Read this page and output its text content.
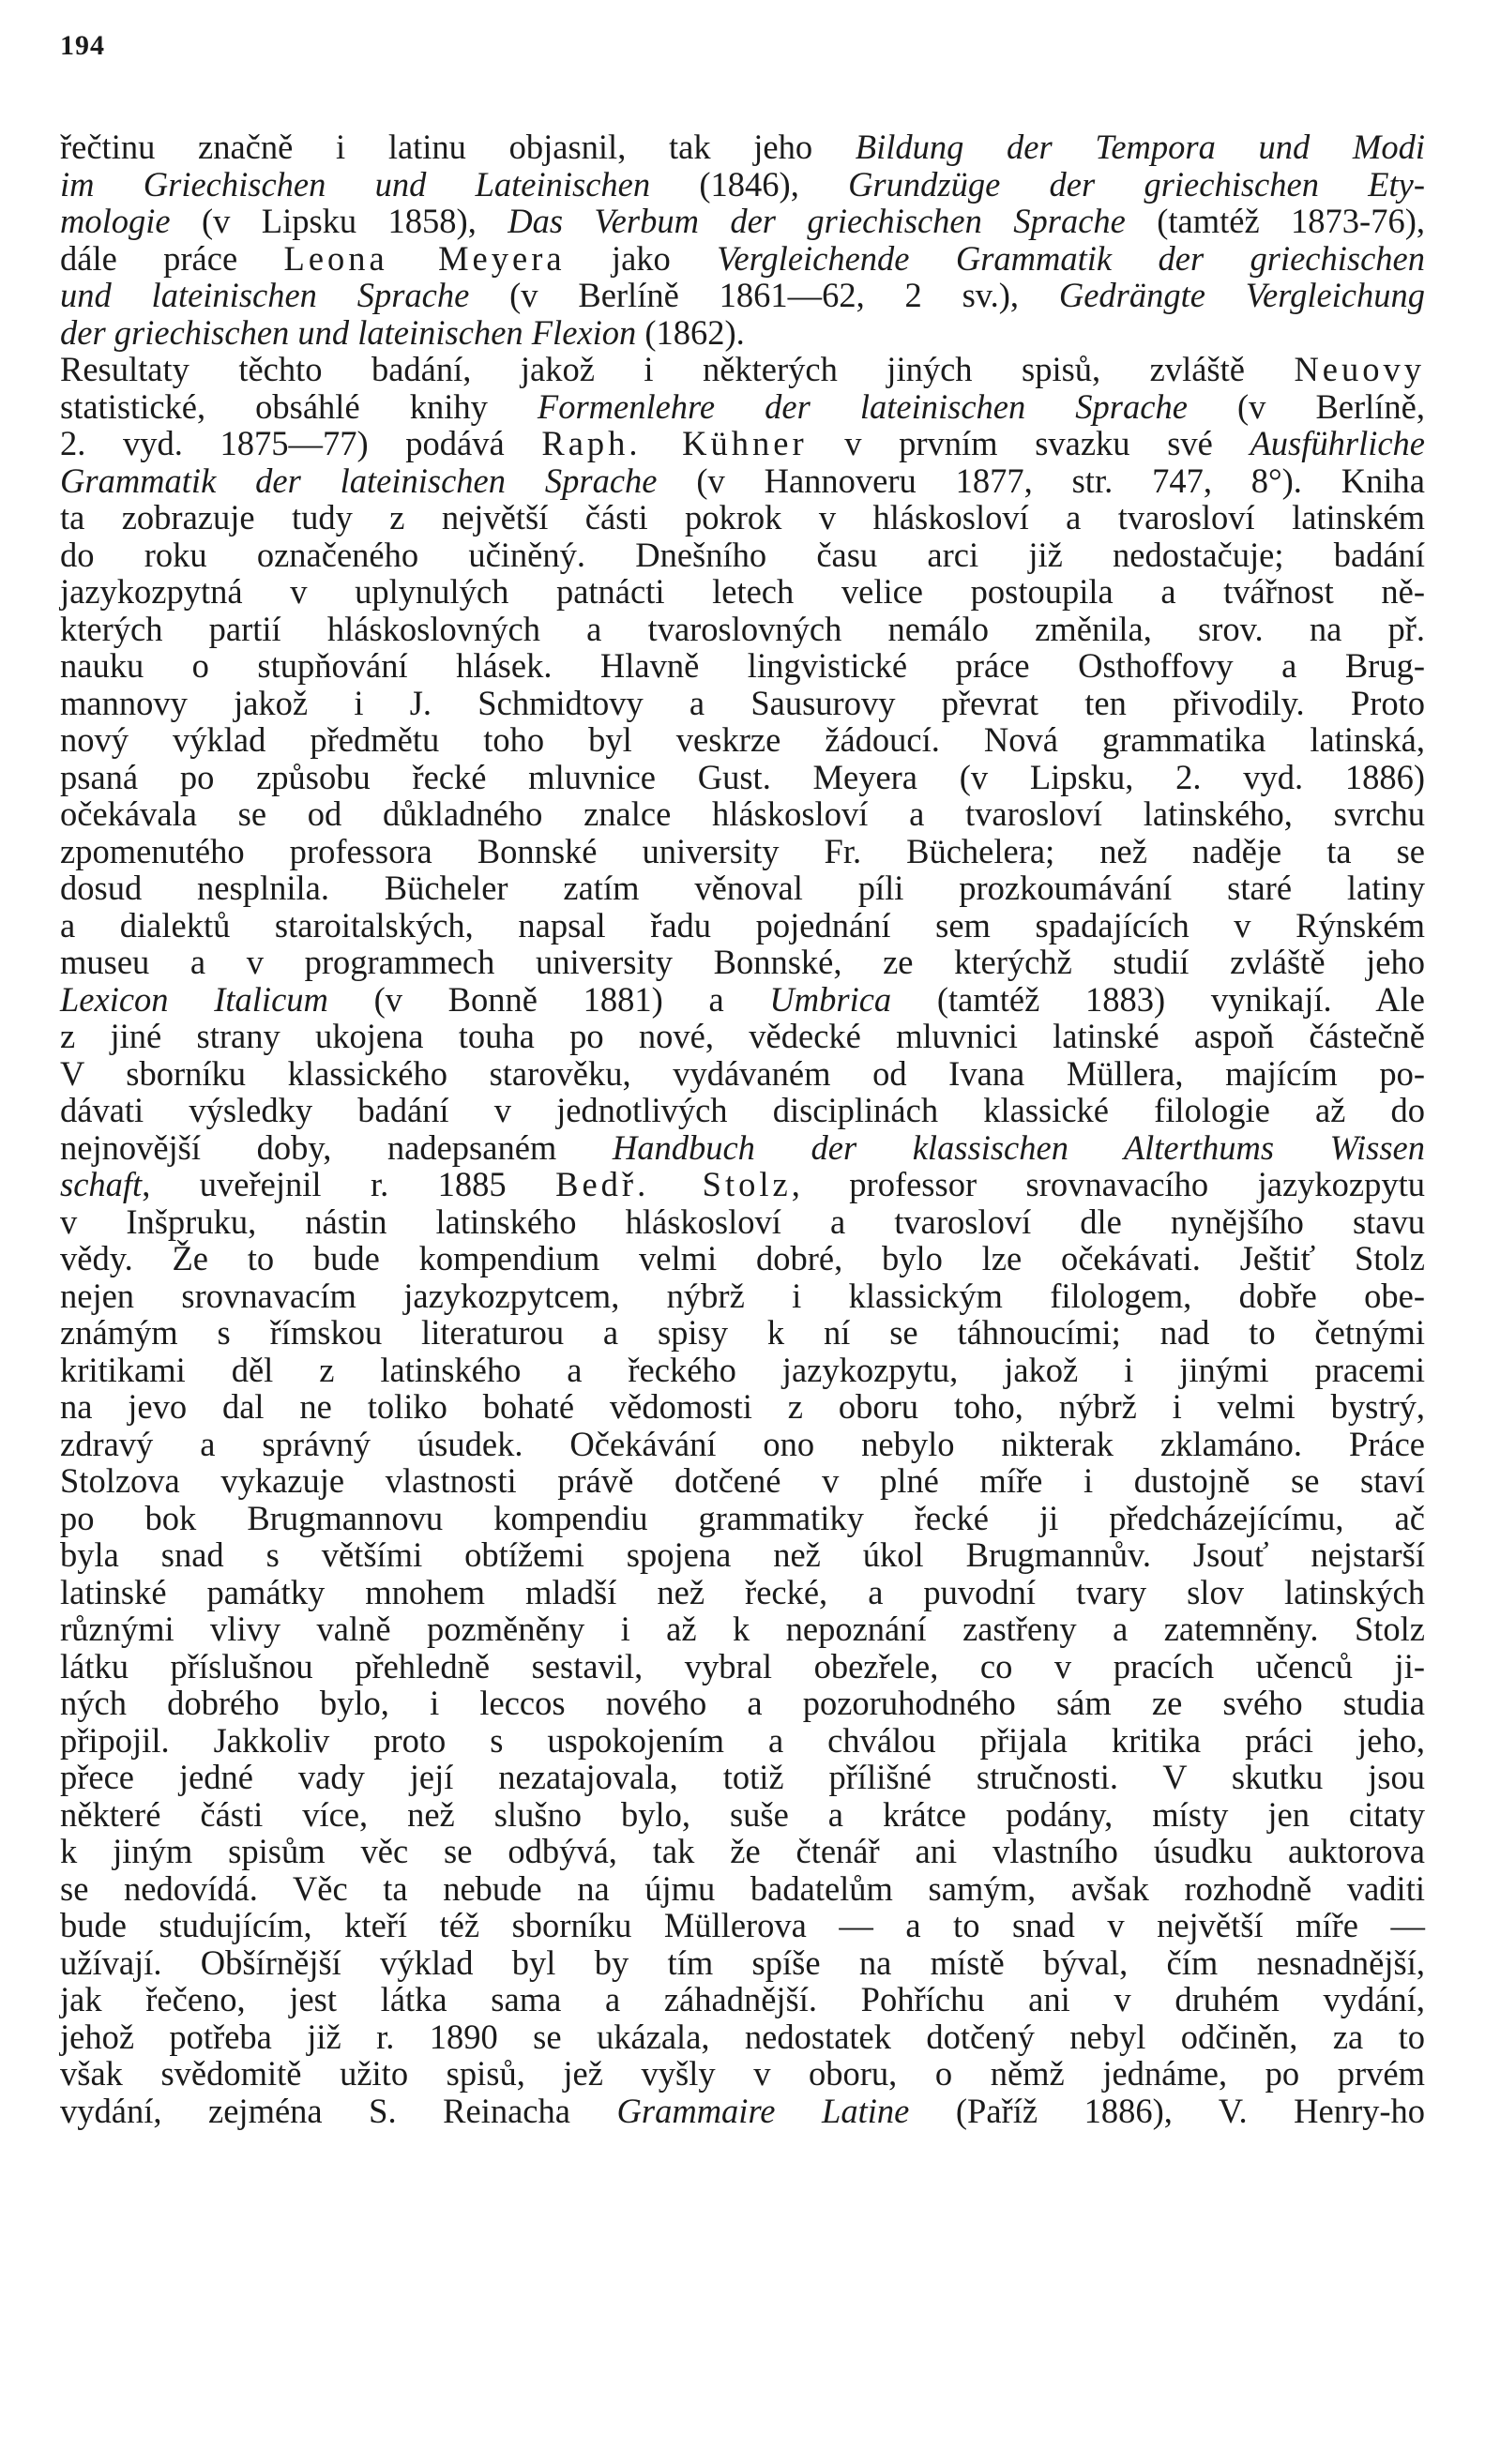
194
řečtinu značně i latinu objasnil, tak jeho Bildung der Tempora und Modi
im Griechischen und Lateinischen (1846), Grundzüge der griechischen Ety-
mologie (v Lipsku 1858), Das Verbum der griechischen Sprache (tamtéž 1873-76),
dále práce Leona Meyera jako Vergleichende Grammatik der griechischen
und lateinischen Sprache (v Berlíně 1861—62, 2 sv.), Gedrängte Vergleichung
der griechischen und lateinischen Flexion (1862).
Resultaty těchto badání, jakož i některých jiných spisů, zvláště Neuovy
statistické, obsáhlé knihy Formenlehre der lateinischen Sprache (v Berlíně,
2. vyd. 1875—77) podává Raph. Kühner v prvním svazku své Ausführliche
Grammatik der lateinischen Sprache (v Hannoveru 1877, str. 747, 8°). Kniha
ta zobrazuje tudy z největší části pokrok v hláskosloví a tvarosloví latinském
do roku označeného učiněný. Dnešního času arci již nedostačuje; badání
jazykozpytná v uplynulých patnácti letech velice postoupila a tvářnost ně-
kterých partií hláskoslovných a tvaroslovných nemálo změnila, srov. na př.
nauku o stupňování hlásek. Hlavně lingvistické práce Osthoffovy a Brug-
mannovy jakož i J. Schmidtovy a Sausurovy převrat ten přivodily. Proto
nový výklad předmětu toho byl veskrze žádoucí. Nová grammatika latinská,
psaná po způsobu řecké mluvnice Gust. Meyera (v Lipsku, 2. vyd. 1886)
očekávala se od důkladného znalce hláskosloví a tvarosloví latinského, svrchu
zpomenutého professora Bonnské university Fr. Büchelera; než naděje ta se
dosud nesplnila. Bücheler zatím věnoval píli prozkoumávání staré latiny
a dialektů staroitalských, napsal řadu pojednání sem spadajících v Rýnském
museu a v programmech university Bonnské, ze kterýchž studií zvláště jeho
Lexicon Italicum (v Bonně 1881) a Umbrica (tamtéž 1883) vynikají. Ale
z jiné strany ukojena touha po nové, vědecké mluvnici latinské aspoň částečně
V sborníku klassického starověku, vydávaném od Ivana Müllera, majícím po-
dávati výsledky badání v jednotlivých disciplinách klassické filologie až do
nejnovější doby, nadepsaném Handbuch der klassischen Alterthums Wissen
schaft, uveřejnil r. 1885 Bedř. Stolz, professor srovnavacího jazykozpytu
v Inšpruku, nástin latinského hláskosloví a tvarosloví dle nynějšího stavu
vědy. Že to bude kompendium velmi dobré, bylo lze očekávati. Ještiť Stolz
nejen srovnavacím jazykozpytcem, nýbrž i klassickým filologem, dobře obe-
známým s římskou literaturou a spisy k ní se táhnoucími; nad to četnými
kritikami děl z latinského a řeckého jazykozpytu, jakož i jinými pracemi
na jevo dal ne toliko bohaté vědomosti z oboru toho, nýbrž i velmi bystrý,
zdravý a správný úsudek. Očekávání ono nebylo nikterak zklamáno. Práce
Stolzova vykazuje vlastnosti právě dotčené v plné míře i dustojně se staví
po bok Brugmannovu kompendiu grammatiky řecké ji předcházejícímu, ač
byla snad s většími obtížemi spojena než úkol Brugmannův. Jsouť nejstarší
latinské památky mnohem mladší než řecké, a puvodní tvary slov latinských
různými vlivy valně pozměněny i až k nepoznání zastřeny a zatemněny. Stolz
látku příslušnou přehledně sestavil, vybral obezřele, co v pracích učenců ji-
ných dobrého bylo, i leccos nového a pozoruhodného sám ze svého studia
připojil. Jakkoliv proto s uspokojením a chválou přijala kritika práci jeho,
přece jedné vady její nezatajovala, totiž přílišné stručnosti. V skutku jsou
některé části více, než slušno bylo, suše a krátce podány, místy jen citaty
k jiným spisům věc se odbývá, tak že čtenář ani vlastního úsudku auktorova
se nedovídá. Věc ta nebude na újmu badatelům samým, avšak rozhodně vaditi
bude studujícím, kteří též sborníku Müllerova — a to snad v největší míře —
užívají. Obšírnější výklad byl by tím spíše na místě býval, čím nesnadnější,
jak řečeno, jest látka sama a záhadnější. Pohříchu ani v druhém vydání,
jehož potřeba již r. 1890 se ukázala, nedostatek dotčený nebyl odčiněn, za to
však svědomitě užito spisů, jež vyšly v oboru, o němž jednáme, po prvém
vydání, zejména S. Reinacha Grammaire Latine (Paříž 1886), V. Henry-ho
